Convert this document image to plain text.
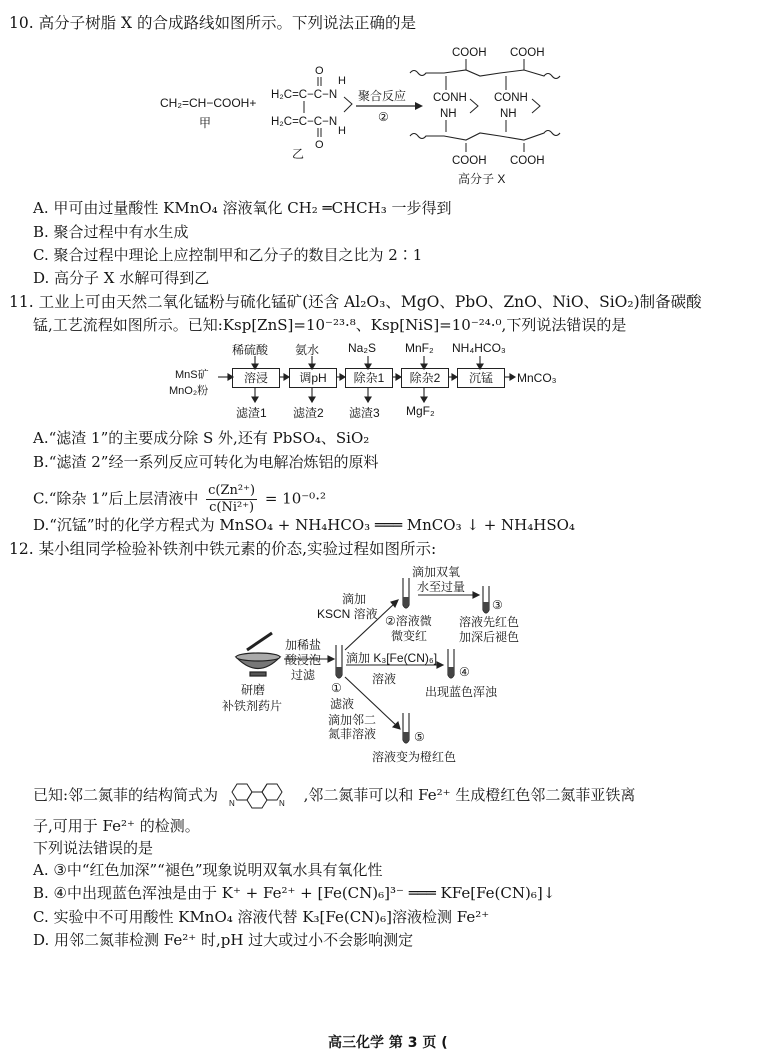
10. 高分子树脂 X 的合成路线如图所示。下列说法正确的是
CH₂=CH−COOH+
甲
O
H₂C=C−C−N
H
H₂C=C−C−N
O
H
乙
聚合反应
②
COOH COOH
CONH CONH
NH	NH
COOH COOH
高分子 X
A. 甲可由过量酸性 KMnO₄ 溶液氧化 CH₂ ═CHCH₃ 一步得到
B. 聚合过程中有水生成
C. 聚合过程中理论上应控制甲和乙分子的数目之比为 2∶1
D. 高分子 X 水解可得到乙
11. 工业上可由天然二氧化锰粉与硫化锰矿(还含 Al₂O₃、MgO、PbO、ZnO、NiO、SiO₂)制备碳酸
锰,工艺流程如图所示。已知:Ksp[ZnS]=10⁻²³·⁸、Ksp[NiS]=10⁻²⁴·⁰,下列说法错误的是
MnS矿
MnO₂粉
稀硫酸 氨水 Na₂S MnF₂ NH₄HCO₃
溶浸	调pH	除杂1	除杂2	沉锰	MnCO₃
滤渣1 滤渣2 滤渣3 MgF₂
A.“滤渣 1”的主要成分除 S 外,还有 PbSO₄、SiO₂
B.“滤渣 2”经一系列反应可转化为电解冶炼铝的原料
C.“除杂 1”后上层清液中 $\frac{\text{c(Zn²⁺)}}{\text{c(Ni²⁺)}} = 10^{-0}\cdot^2$
D.“沉锰”时的化学方程式为 MnSO₄ + NH₄HCO₃ ═══ MnCO₃ ↓ + NH₄HSO₄
12. 某小组同学检验补铁剂中铁元素的价态,实验过程如图所示:
研磨
补铁剂药片
加稀盐
酸浸泡
过滤
①
滤液
滴加
KSCN 溶液 ②溶液微
微变红
滴加双氧
水至过量
③
溶液先红色
加深后褪色
滴加 K₃[Fe(CN)₆]
溶液	④
出现蓝色浑浊
滴加邻二
氮菲溶液	⑤
溶液变为橙红色
已知:邻二氮菲的结构简式为 N	N ,邻二氮菲可以和 Fe²⁺ 生成橙红色邻二氮菲亚铁离
子,可用于 Fe²⁺ 的检测。
下列说法错误的是
A. ③中“红色加深”“褪色”现象说明双氧水具有氧化性
B. ④中出现蓝色浑浊是由于 K⁺ + Fe²⁺ + [Fe(CN)₆]³⁻ ═══ KFe[Fe(CN)₆]↓
C. 实验中不可用酸性 KMnO₄ 溶液代替 K₃[Fe(CN)₆]溶液检测 Fe²⁺
D. 用邻二氮菲检测 Fe²⁺ 时,pH 过大或过小不会影响测定
高三化学 第 3 页 (
